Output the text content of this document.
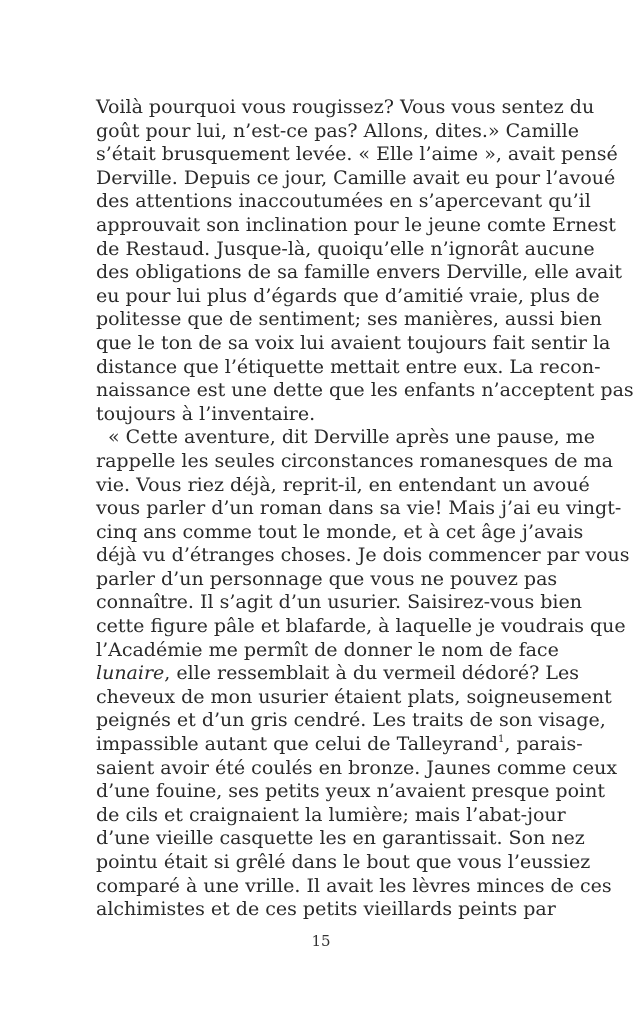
Voilà pourquoi vous rougissez? Vous vous sentez du
goût pour lui, n’est-ce pas? Allons, dites.» Camille
s’était brusquement levée. « Elle l’aime », avait pensé
Derville. Depuis ce jour, Camille avait eu pour l’avoué
des attentions inaccoutumées en s’apercevant qu’il
approuvait son inclination pour le jeune comte Ernest
de Restaud. Jusque-là, quoiqu’elle n’ignorât aucune
des obligations de sa famille envers Derville, elle avait
eu pour lui plus d’égards que d’amitié vraie, plus de
politesse que de sentiment; ses manières, aussi bien
que le ton de sa voix lui avaient toujours fait sentir la
distance que l’étiquette mettait entre eux. La recon-
naissance est une dette que les enfants n’acceptent pas
toujours à l’inventaire.
« Cette aventure, dit Derville après une pause, me
rappelle les seules circonstances romanesques de ma
vie. Vous riez déjà, reprit-il, en entendant un avoué
vous parler d’un roman dans sa vie! Mais j’ai eu vingt-
cinq ans comme tout le monde, et à cet âge j’avais
déjà vu d’étranges choses. Je dois commencer par vous
parler d’un personnage que vous ne pouvez pas
connaître. Il s’agit d’un usurier. Saisirez-vous bien
cette figure pâle et blafarde, à laquelle je voudrais que
l’Académie me permît de donner le nom de face
lunaire, elle ressemblait à du vermeil dédoré? Les
cheveux de mon usurier étaient plats, soigneusement
peignés et d’un gris cendré. Les traits de son visage,
impassible autant que celui de Talleyrand$^1$, parais-
saient avoir été coulés en bronze. Jaunes comme ceux
d’une fouine, ses petits yeux n’avaient presque point
de cils et craignaient la lumière; mais l’abat-jour
d’une vieille casquette les en garantissait. Son nez
pointu était si grêlé dans le bout que vous l’eussiez
comparé à une vrille. Il avait les lèvres minces de ces
alchimistes et de ces petits vieillards peints par
15
